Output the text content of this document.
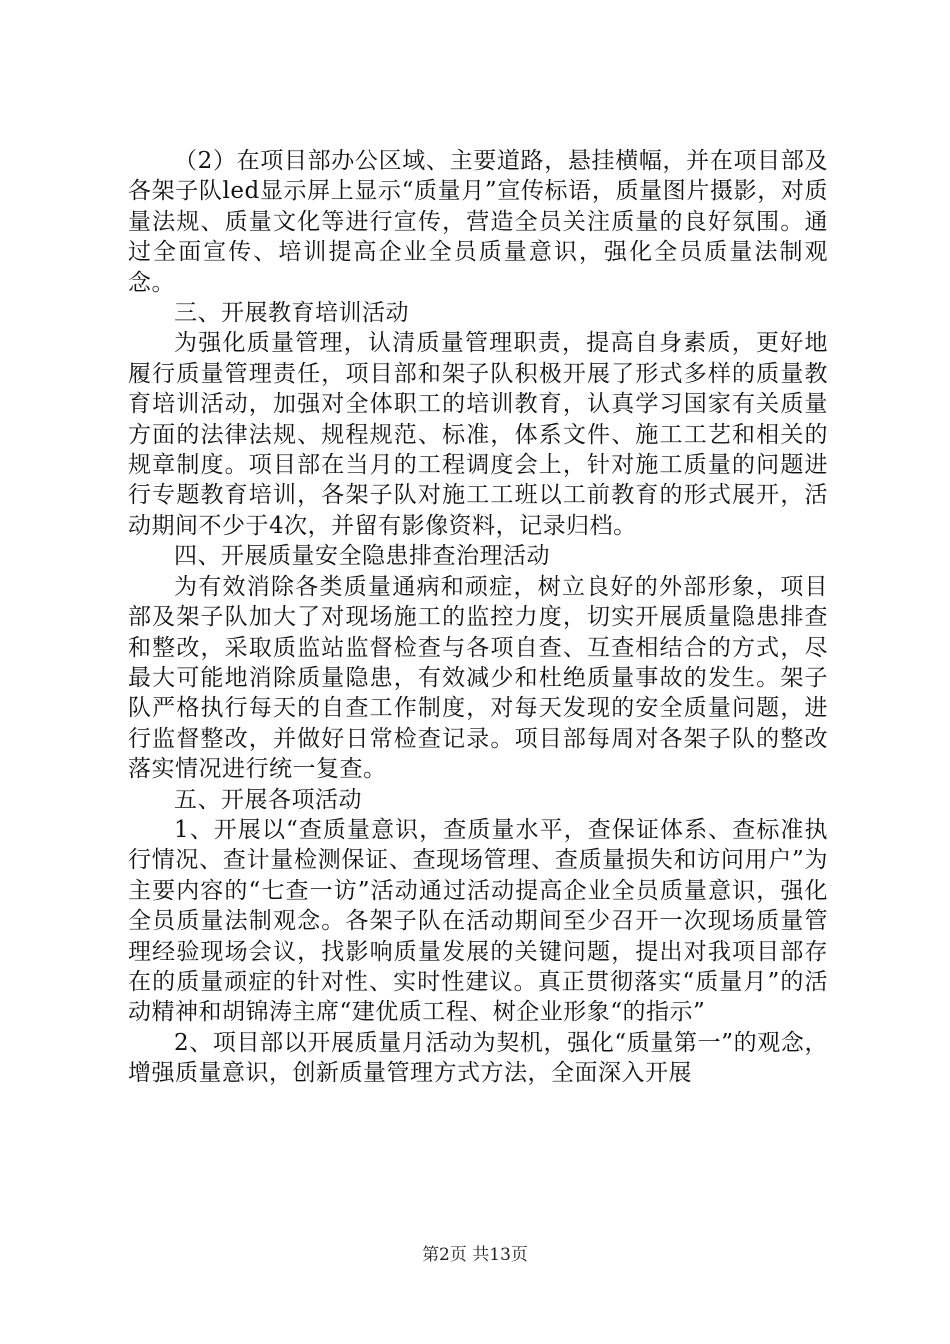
（2）在项目部办公区域、主要道路，悬挂横幅，并在项目部及各架子队led显示屏上显示“质量月”宣传标语，质量图片摄影，对质量法规、质量文化等进行宣传，营造全员关注质量的良好氛围。通过全面宣传、培训提高企业全员质量意识，强化全员质量法制观念。

三、开展教育培训活动

为强化质量管理，认清质量管理职责，提高自身素质，更好地履行质量管理责任，项目部和架子队积极开展了形式多样的质量教育培训活动，加强对全体职工的培训教育，认真学习国家有关质量方面的法律法规、规程规范、标准，体系文件、施工工艺和相关的规章制度。项目部在当月的工程调度会上，针对施工质量的问题进行专题教育培训，各架子队对施工工班以工前教育的形式展开，活动期间不少于4次，并留有影像资料，记录归档。

四、开展质量安全隐患排查治理活动

为有效消除各类质量通病和顽症，树立良好的外部形象，项目部及架子队加大了对现场施工的监控力度，切实开展质量隐患排查和整改，采取质监站监督检查与各项自查、互查相结合的方式，尽最大可能地消除质量隐患，有效减少和杜绝质量事故的发生。架子队严格执行每天的自查工作制度，对每天发现的安全质量问题，进行监督整改，并做好日常检查记录。项目部每周对各架子队的整改落实情况进行统一复查。

五、开展各项活动

1、开展以“查质量意识，查质量水平，查保证体系、查标准执行情况、查计量检测保证、查现场管理、查质量损失和访问用户”为主要内容的“七查一访”活动通过活动提高企业全员质量意识，强化全员质量法制观念。各架子队在活动期间至少召开一次现场质量管理经验现场会议，找影响质量发展的关键问题，提出对我项目部存在的质量顽症的针对性、实时性建议。真正贯彻落实“质量月”的活动精神和胡锦涛主席“建优质工程、树企业形象“的指示”

2、项目部以开展质量月活动为契机，强化“质量第一”的观念，增强质量意识，创新质量管理方式方法，全面深入开展

第2页 共13页
